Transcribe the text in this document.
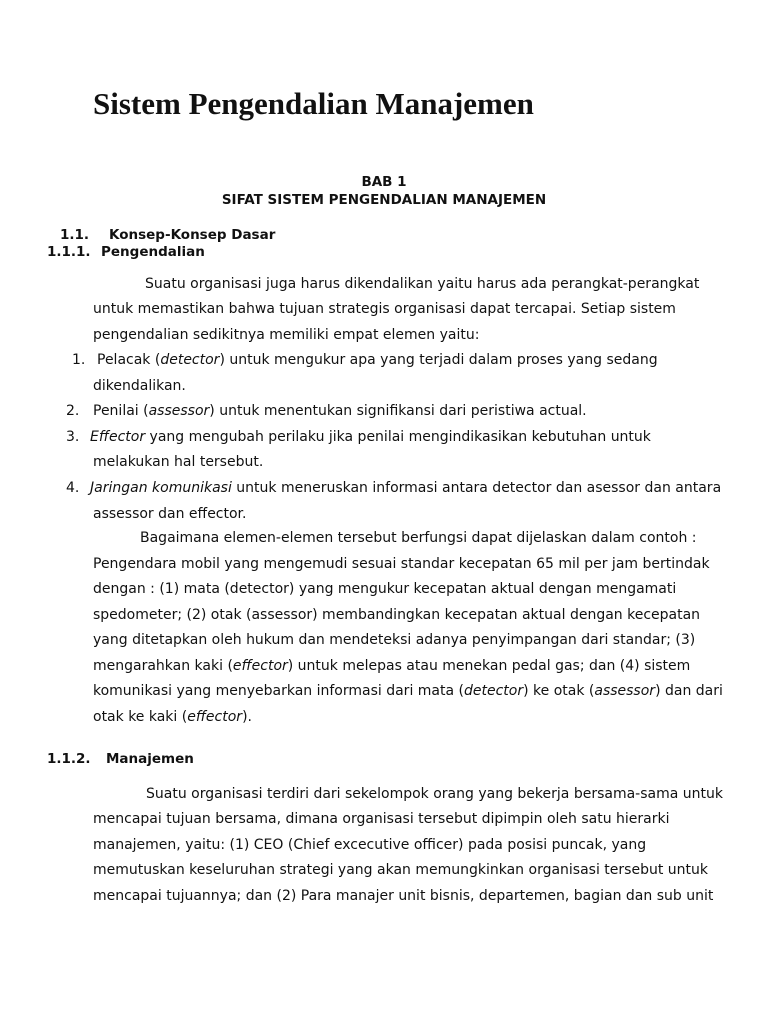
Sistem Pengendalian Manajemen
BAB 1
SIFAT SISTEM PENGENDALIAN MANAJEMEN
1.1. Konsep-Konsep Dasar
1.1.1. Pengendalian
Suatu organisasi juga harus dikendalikan yaitu harus ada perangkat-perangkat
untuk memastikan bahwa tujuan strategis organisasi dapat tercapai. Setiap sistem
pengendalian sedikitnya memiliki empat elemen yaitu:
1. Pelacak (detector) untuk mengukur apa yang terjadi dalam proses yang sedang
dikendalikan.
2. Penilai (assessor) untuk menentukan signifikansi dari peristiwa actual.
3. Effector yang mengubah perilaku jika penilai mengindikasikan kebutuhan untuk
melakukan hal tersebut.
4. Jaringan komunikasi untuk meneruskan informasi antara detector dan asessor dan antara
assessor dan effector.
Bagaimana elemen-elemen tersebut berfungsi dapat dijelaskan dalam contoh :
Pengendara mobil yang mengemudi sesuai standar kecepatan 65 mil per jam bertindak
dengan : (1) mata (detector) yang mengukur kecepatan aktual dengan mengamati
spedometer; (2) otak (assessor) membandingkan kecepatan aktual dengan kecepatan
yang ditetapkan oleh hukum dan mendeteksi adanya penyimpangan dari standar; (3)
mengarahkan kaki (effector) untuk melepas atau menekan pedal gas; dan (4) sistem
komunikasi yang menyebarkan informasi dari mata (detector) ke otak (assessor) dan dari
otak ke kaki (effector).
1.1.2. Manajemen
Suatu organisasi terdiri dari sekelompok orang yang bekerja bersama-sama untuk
mencapai tujuan bersama, dimana organisasi tersebut dipimpin oleh satu hierarki
manajemen, yaitu: (1) CEO (Chief excecutive officer) pada posisi puncak, yang
memutuskan keseluruhan strategi yang akan memungkinkan organisasi tersebut untuk
mencapai tujuannya; dan (2) Para manajer unit bisnis, departemen, bagian dan sub unit
